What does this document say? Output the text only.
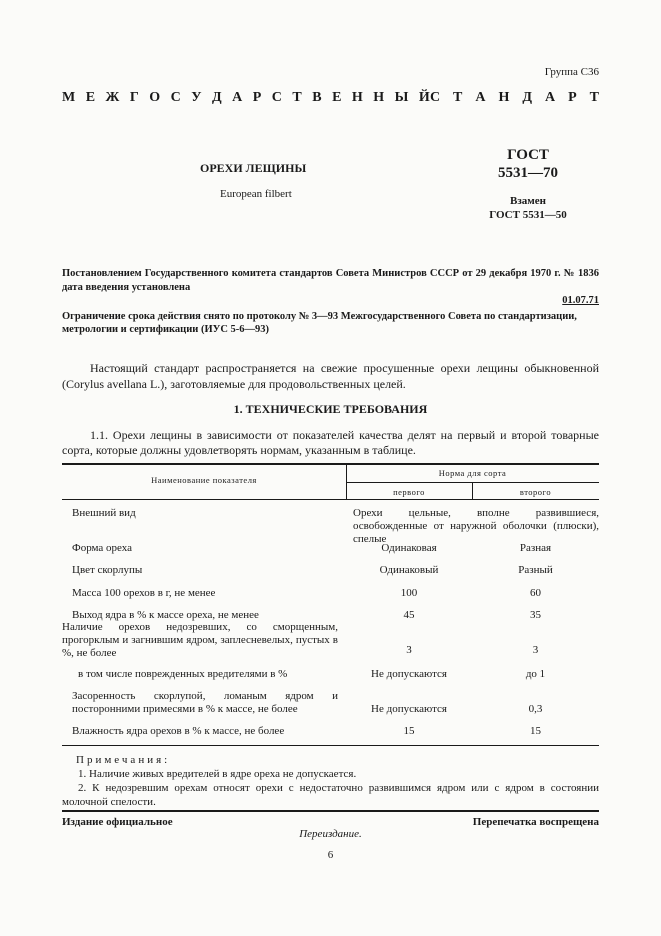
Группа С36
М Е Ж Г О С У Д А Р С Т В Е Н Н Ы Й С Т А Н Д А Р Т
ОРЕХИ ЛЕЩИНЫ
European filbert
ГОСТ
5531—70
Взамен
ГОСТ 5531—50
Постановлением Государственного комитета стандартов Совета Министров СССР от 29 декабря 1970 г. № 1836 дата введения установлена
01.07.71
Ограничение срока действия снято по протоколу № 3—93 Межгосударственного Совета по стандартизации, метрологии и сертификации (ИУС 5-6—93)
Настоящий стандарт распространяется на свежие просушенные орехи лещины обыкновенной (Corylus avellana L.), заготовляемые для продовольственных целей.
1. ТЕХНИЧЕСКИЕ ТРЕБОВАНИЯ
1.1. Орехи лещины в зависимости от показателей качества делят на первый и второй товарные сорта, которые должны удовлетворять нормам, указанным в таблице.
Наименование показателя
Норма для сорта
первого	второго
Внешний вид	Орехи цельные, вполне развившиеся, освобожденные от наружной оболочки (плюски), спелые
Форма ореха	Одинаковая	Разная
Цвет скорлупы	Одинаковый	Разный
Масса 100 орехов в г, не менее	100	60
Выход ядра в % к массе ореха, не менее	45	35
Наличие орехов недозревших, со сморщенным, прогорклым и загнившим ядром, заплесневелых, пустых в %, не более	3	3
в том числе поврежденных вредителями в %	Не допускаются	до 1
Засоренность скорлупой, ломаным ядром и посторонними примесями в % к массе, не более	Не допускаются	0,3
Влажность ядра орехов в % к массе, не более	15	15
Примечания:
1. Наличие живых вредителей в ядре ореха не допускается.
2. К недозревшим орехам относят орехи с недостаточно развившимся ядром или с ядром в состоянии молочной спелости.
Издание официальное	Перепечатка воспрещена
Переиздание.
6
